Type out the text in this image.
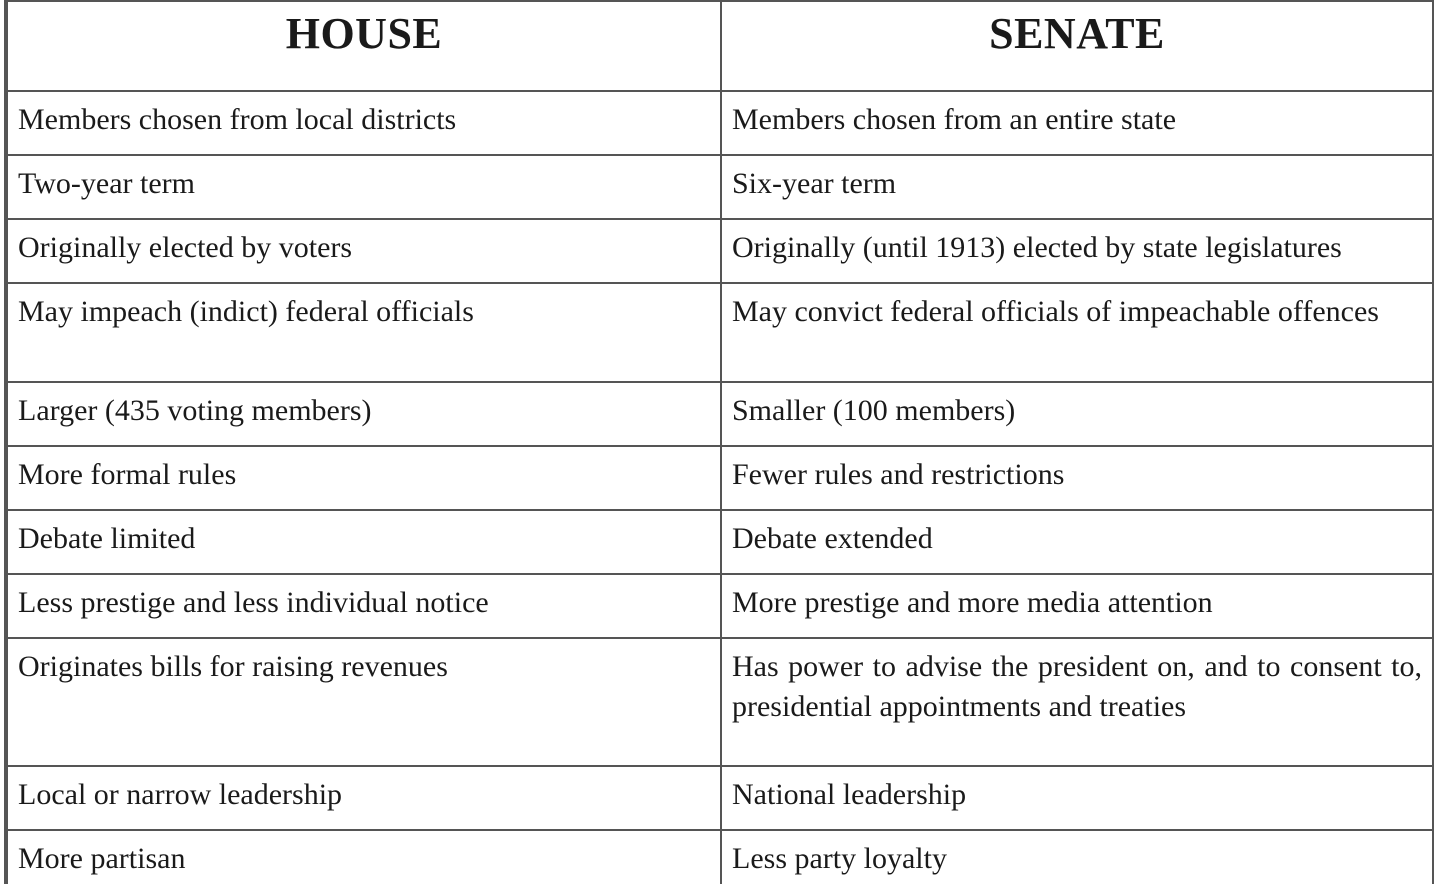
HOUSE	SENATE
Members chosen from local districts	Members chosen from an entire state
Two-year term	Six-year term
Originally elected by voters	Originally (until 1913) elected by state legislatures
May impeach (indict) federal officials	May convict federal officials of impeachable offences
Larger (435 voting members)	Smaller (100 members)
More formal rules	Fewer rules and restrictions
Debate limited	Debate extended
Less prestige and less individual notice	More prestige and more media attention
Originates bills for raising revenues	Has power to advise the president on, and to consent to, presidential appointments and treaties
Local or narrow leadership	National leadership
More partisan	Less party loyalty
